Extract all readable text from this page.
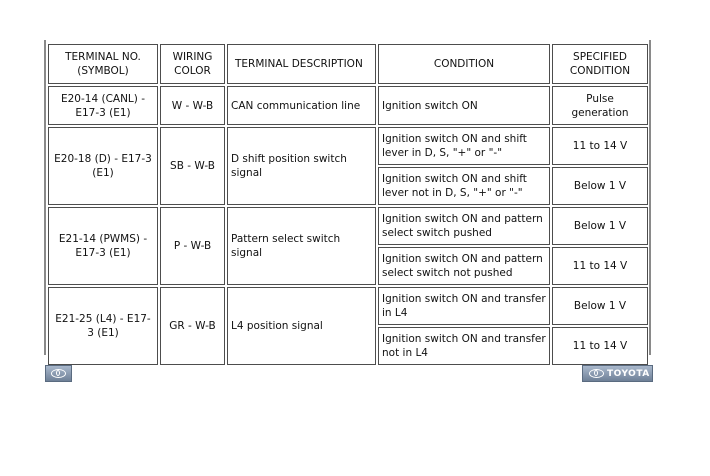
TERMINAL NO. (SYMBOL)	WIRING COLOR	TERMINAL DESCRIPTION	CONDITION	SPECIFIED CONDITION
E20-14 (CANL) - E17-3 (E1)	W - W-B	CAN communication line	Ignition switch ON	Pulse generation
E20-18 (D) - E17-3 (E1)	SB - W-B	D shift position switch signal	Ignition switch ON and shift lever in D, S, "+" or "-"	11 to 14 V
			Ignition switch ON and shift lever not in D, S, "+" or "-"	Below 1 V
E21-14 (PWMS) - E17-3 (E1)	P - W-B	Pattern select switch signal	Ignition switch ON and pattern select switch pushed	Below 1 V
			Ignition switch ON and pattern select switch not pushed	11 to 14 V
E21-25 (L4) - E17-3 (E1)	GR - W-B	L4 position signal	Ignition switch ON and transfer in L4	Below 1 V
			Ignition switch ON and transfer not in L4	11 to 14 V
TOYOTA
